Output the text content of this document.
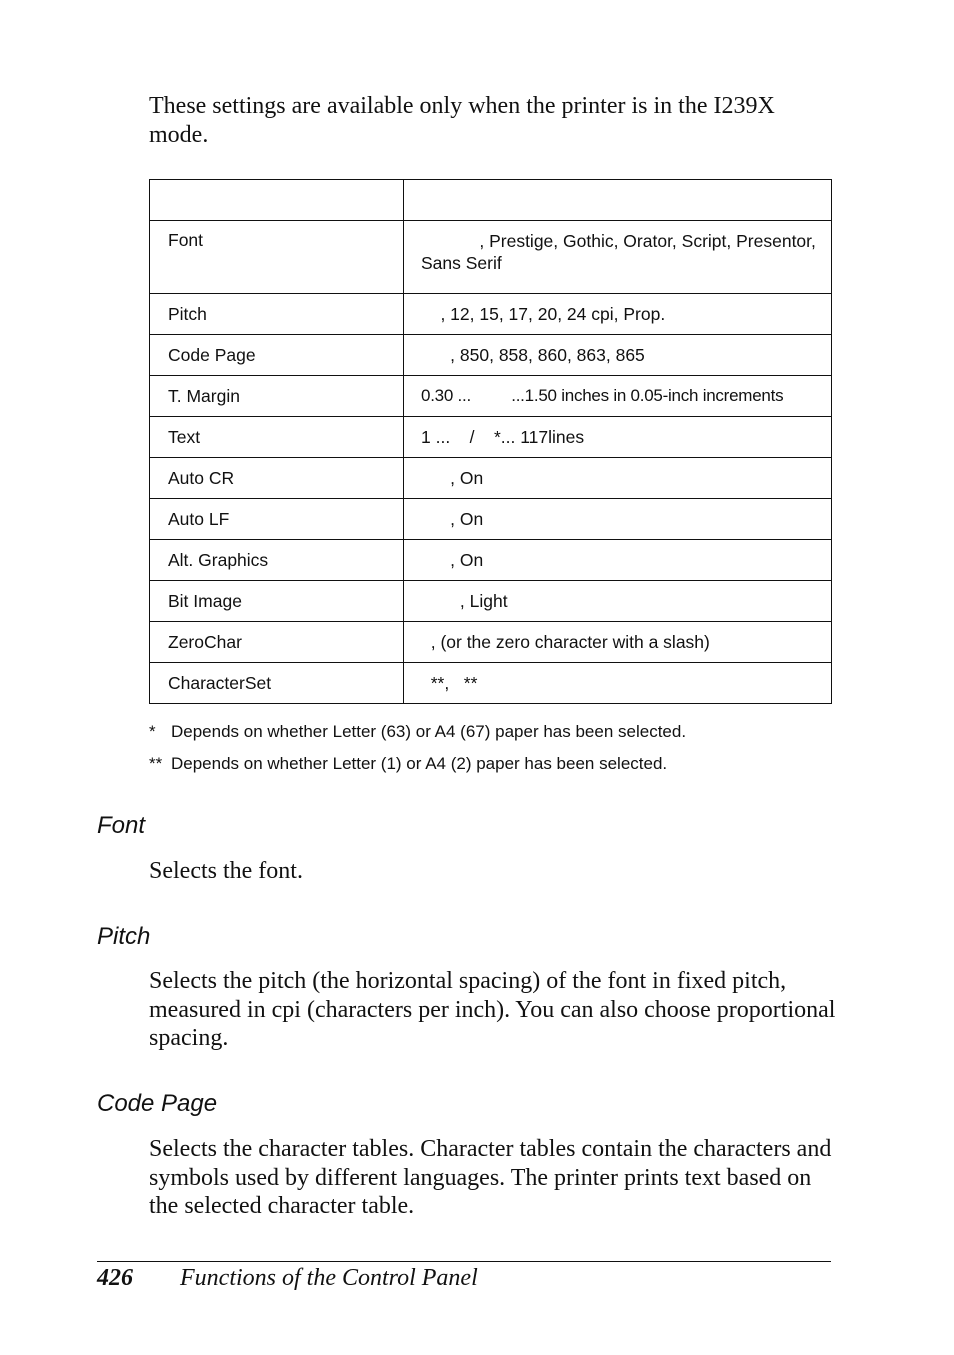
These settings are available only when the printer is in the I239X mode.

Font	, Prestige, Gothic, Orator, Script, Presentor, Sans Serif
Pitch	, 12, 15, 17, 20, 24 cpi, Prop.
Code Page	, 850, 858, 860, 863, 865
T. Margin	0.30 ...         ...1.50 inches in 0.05-inch increments
Text	1 ...    /    *... 117lines
Auto CR	, On
Auto LF	, On
Alt. Graphics	, On
Bit Image	, Light
ZeroChar	, (or the zero character with a slash)
CharacterSet	**,   **
* Depends on whether Letter (63) or A4 (67) paper has been selected.
** Depends on whether Letter (1) or A4 (2) paper has been selected.
Font
Selects the font.
Pitch
Selects the pitch (the horizontal spacing) of the font in fixed pitch, measured in cpi (characters per inch). You can also choose proportional spacing.
Code Page
Selects the character tables. Character tables contain the characters and symbols used by different languages. The printer prints text based on the selected character table.
426 Functions of the Control Panel
